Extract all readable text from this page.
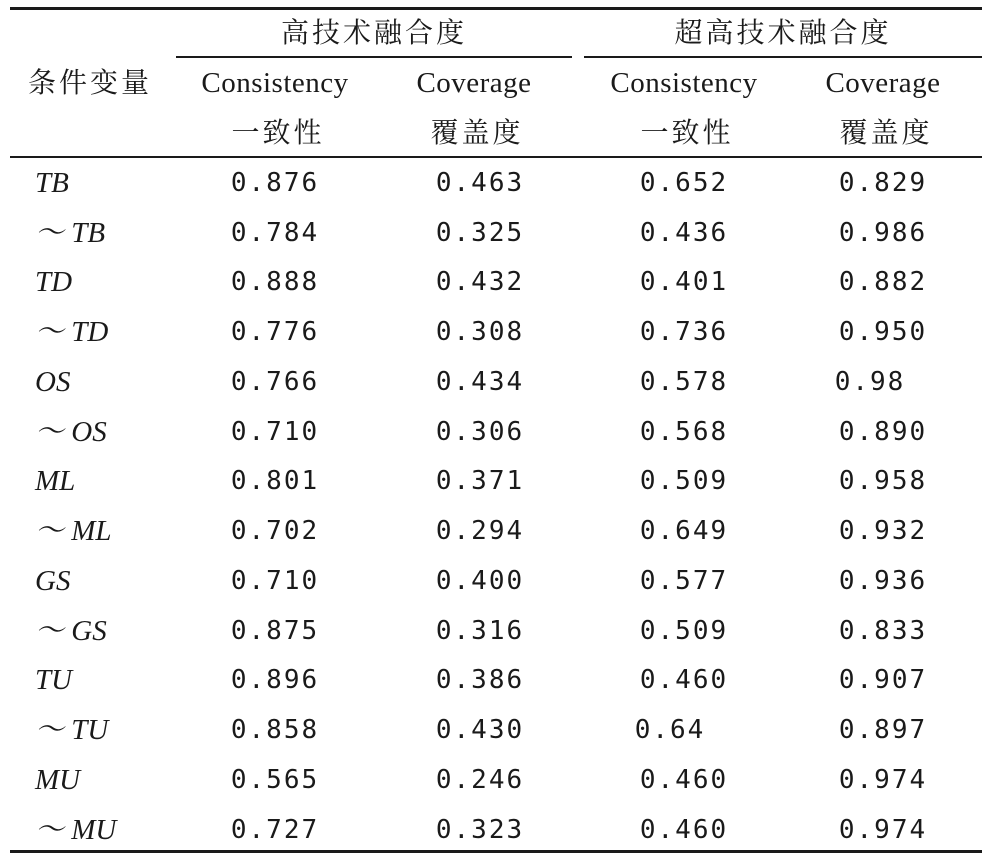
条件变量
高技术融合度	超高技术融合度
Consistency Coverage	Consistency Coverage
一致性	覆盖度	一致性	覆盖度
TB	0.876	0.463	0.652	0.829
～ TB	0.784	0.325	0.436	0.986
TD	0.888	0.432	0.401	0.882
～ TD	0.776	0.308	0.736	0.950
OS	0.766	0.434	0.578	0.98
～ OS	0.710	0.306	0.568	0.890
ML	0.801	0.371	0.509	0.958
～ ML	0.702	0.294	0.649	0.932
GS	0.710	0.400	0.577	0.936
～ GS	0.875	0.316	0.509	0.833
TU	0.896	0.386	0.460	0.907
～ TU	0.858	0.430	0.64	0.897
MU	0.565	0.246	0.460	0.974
～ MU	0.727	0.323	0.460	0.974
